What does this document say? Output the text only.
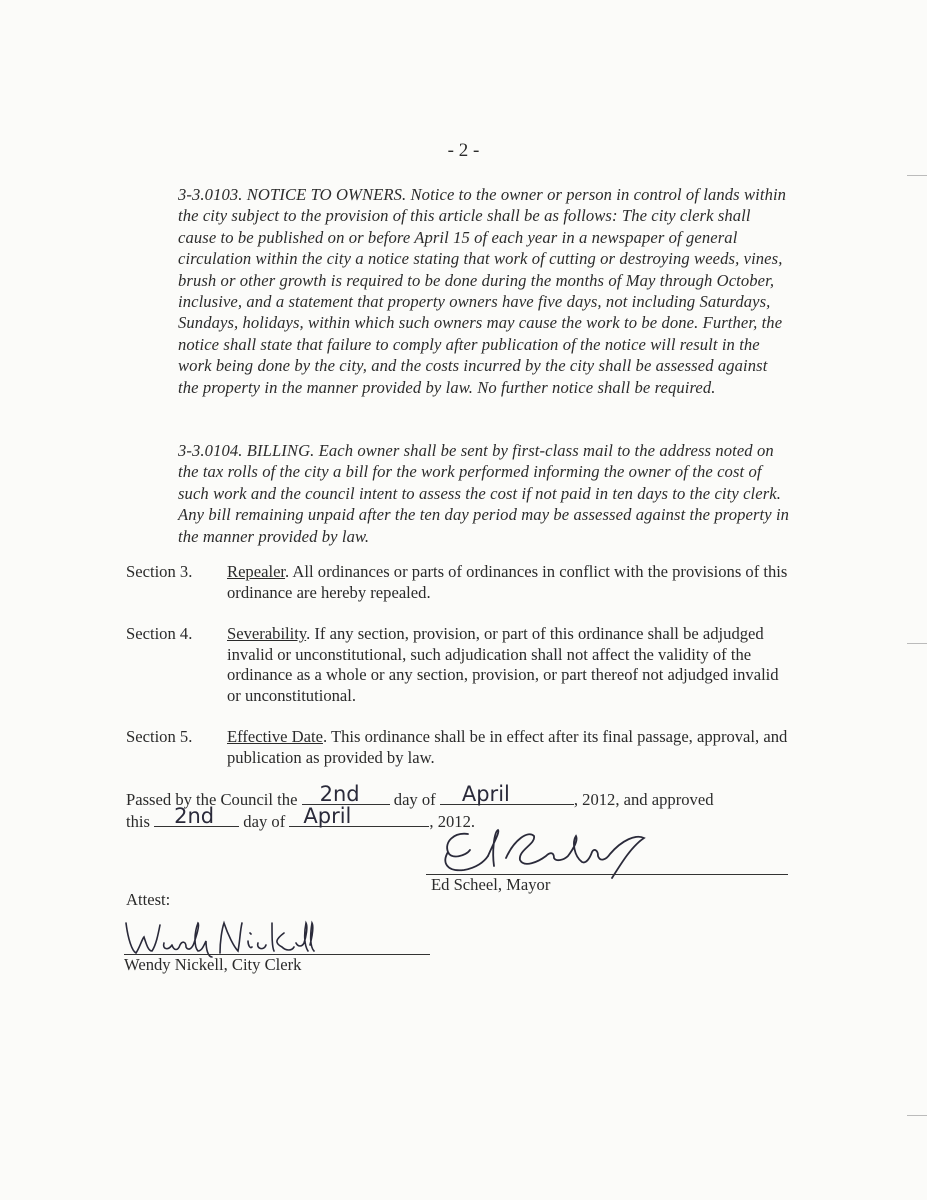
- 2 -
3-3.0103. NOTICE TO OWNERS. Notice to the owner or person in control of lands within the city subject to the provision of this article shall be as follows: The city clerk shall cause to be published on or before April 15 of each year in a newspaper of general circulation within the city a notice stating that work of cutting or destroying weeds, vines, brush or other growth is required to be done during the months of May through October, inclusive, and a statement that property owners have five days, not including Saturdays, Sundays, holidays, within which such owners may cause the work to be done. Further, the notice shall state that failure to comply after publication of the notice will result in the work being done by the city, and the costs incurred by the city shall be assessed against the property in the manner provided by law. No further notice shall be required.
3-3.0104. BILLING. Each owner shall be sent by first-class mail to the address noted on the tax rolls of the city a bill for the work performed informing the owner of the cost of such work and the council intent to assess the cost if not paid in ten days to the city clerk. Any bill remaining unpaid after the ten day period may be assessed against the property in the manner provided by law.
Section 3. Repealer. All ordinances or parts of ordinances in conflict with the provisions of this ordinance are hereby repealed.
Section 4. Severability. If any section, provision, or part of this ordinance shall be adjudged invalid or unconstitutional, such adjudication shall not affect the validity of the ordinance as a whole or any section, provision, or part thereof not adjudged invalid or unconstitutional.
Section 5. Effective Date. This ordinance shall be in effect after its final passage, approval, and publication as provided by law.
Passed by the Council the 2nd day of April	, 2012, and approved
this 2nd day of April	, 2012.
Ed Scheel, Mayor
Attest:
Wendy Nickell, City Clerk
